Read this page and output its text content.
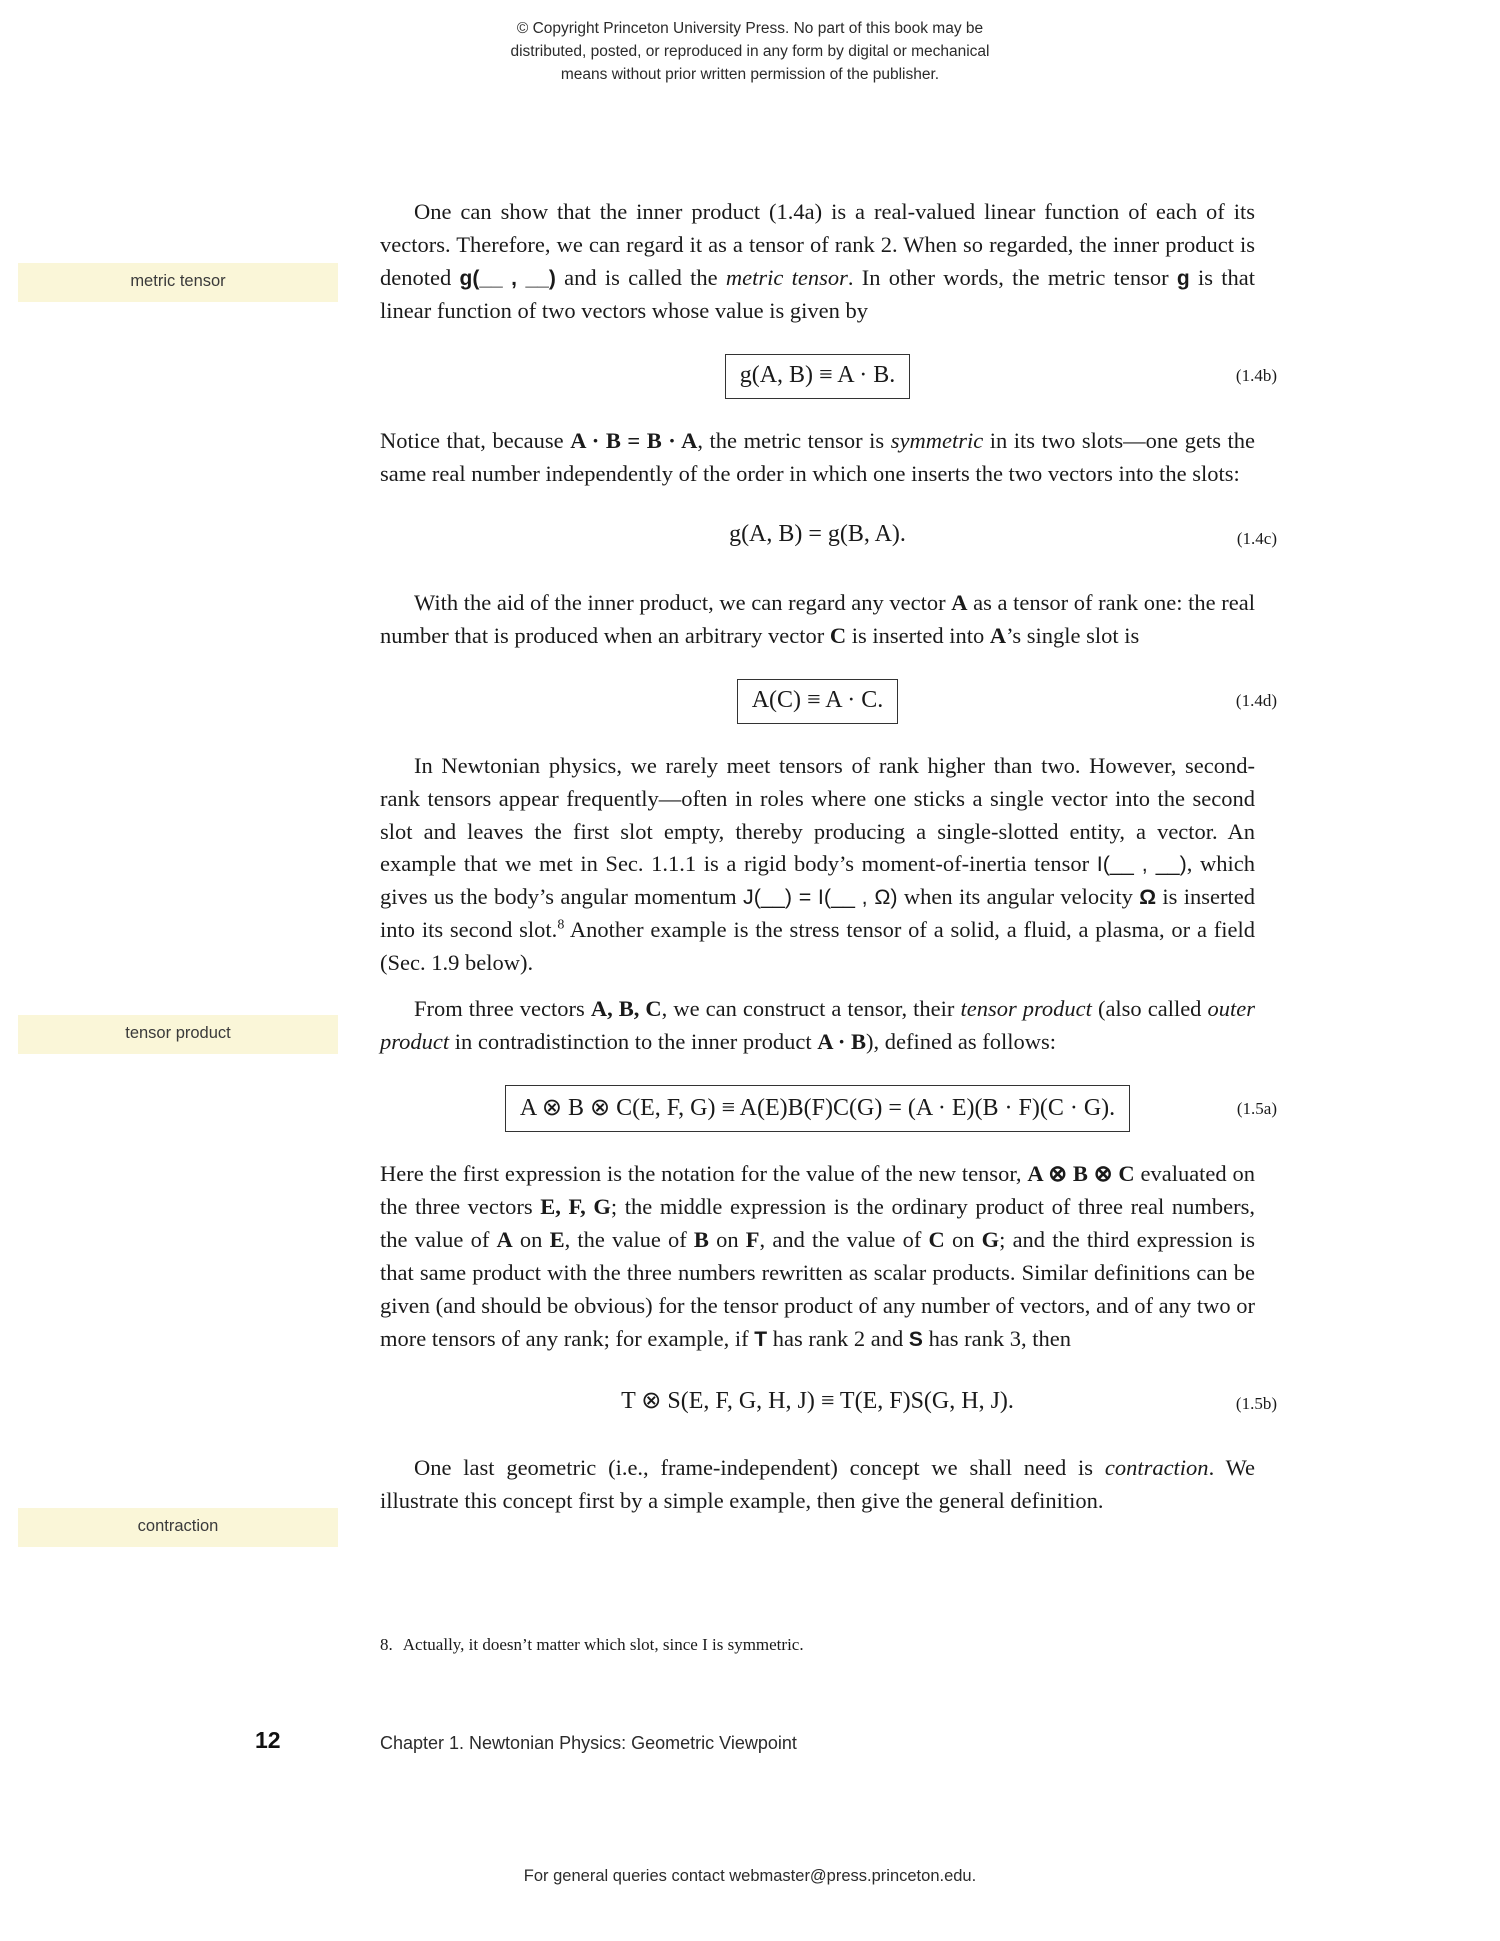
© Copyright Princeton University Press. No part of this book may be
distributed, posted, or reproduced in any form by digital or mechanical
means without prior written permission of the publisher.
metric tensor
tensor product
contraction

One can show that the inner product (1.4a) is a real-valued linear function of each of its vectors. Therefore, we can regard it as a tensor of rank 2. When so regarded, the inner product is denoted g(__ , __) and is called the metric tensor. In other words, the metric tensor g is that linear function of two vectors whose value is given by

g(A, B) ≡ A · B.	(1.4b)

Notice that, because A · B = B · A, the metric tensor is symmetric in its two slots—one gets the same real number independently of the order in which one inserts the two vectors into the slots:

g(A, B) = g(B, A).	(1.4c)

With the aid of the inner product, we can regard any vector A as a tensor of rank one: the real number that is produced when an arbitrary vector C is inserted into A’s single slot is

A(C) ≡ A · C.	(1.4d)

In Newtonian physics, we rarely meet tensors of rank higher than two. However, second-rank tensors appear frequently—often in roles where one sticks a single vector into the second slot and leaves the first slot empty, thereby producing a single-slotted entity, a vector. An example that we met in Sec. 1.1.1 is a rigid body’s moment-of-inertia tensor I(__ , __), which gives us the body’s angular momentum J(__) = I(__ , Ω) when its angular velocity Ω is inserted into its second slot.$^8$ Another example is the stress tensor of a solid, a fluid, a plasma, or a field (Sec. 1.9 below).

From three vectors A, B, C, we can construct a tensor, their tensor product (also called outer product in contradistinction to the inner product A · B), defined as follows:

A ⊗ B ⊗ C(E, F, G) ≡ A(E)B(F)C(G) = (A · E)(B · F)(C · G).	(1.5a)

Here the first expression is the notation for the value of the new tensor, A ⊗ B ⊗ C evaluated on the three vectors E, F, G; the middle expression is the ordinary product of three real numbers, the value of A on E, the value of B on F, and the value of C on G; and the third expression is that same product with the three numbers rewritten as scalar products. Similar definitions can be given (and should be obvious) for the tensor product of any number of vectors, and of any two or more tensors of any rank; for example, if T has rank 2 and S has rank 3, then

T ⊗ S(E, F, G, H, J) ≡ T(E, F)S(G, H, J).	(1.5b)

One last geometric (i.e., frame-independent) concept we shall need is contraction. We illustrate this concept first by a simple example, then give the general definition.

8. Actually, it doesn’t matter which slot, since I is symmetric.
12	Chapter 1. Newtonian Physics: Geometric Viewpoint
For general queries contact webmaster@press.princeton.edu.
